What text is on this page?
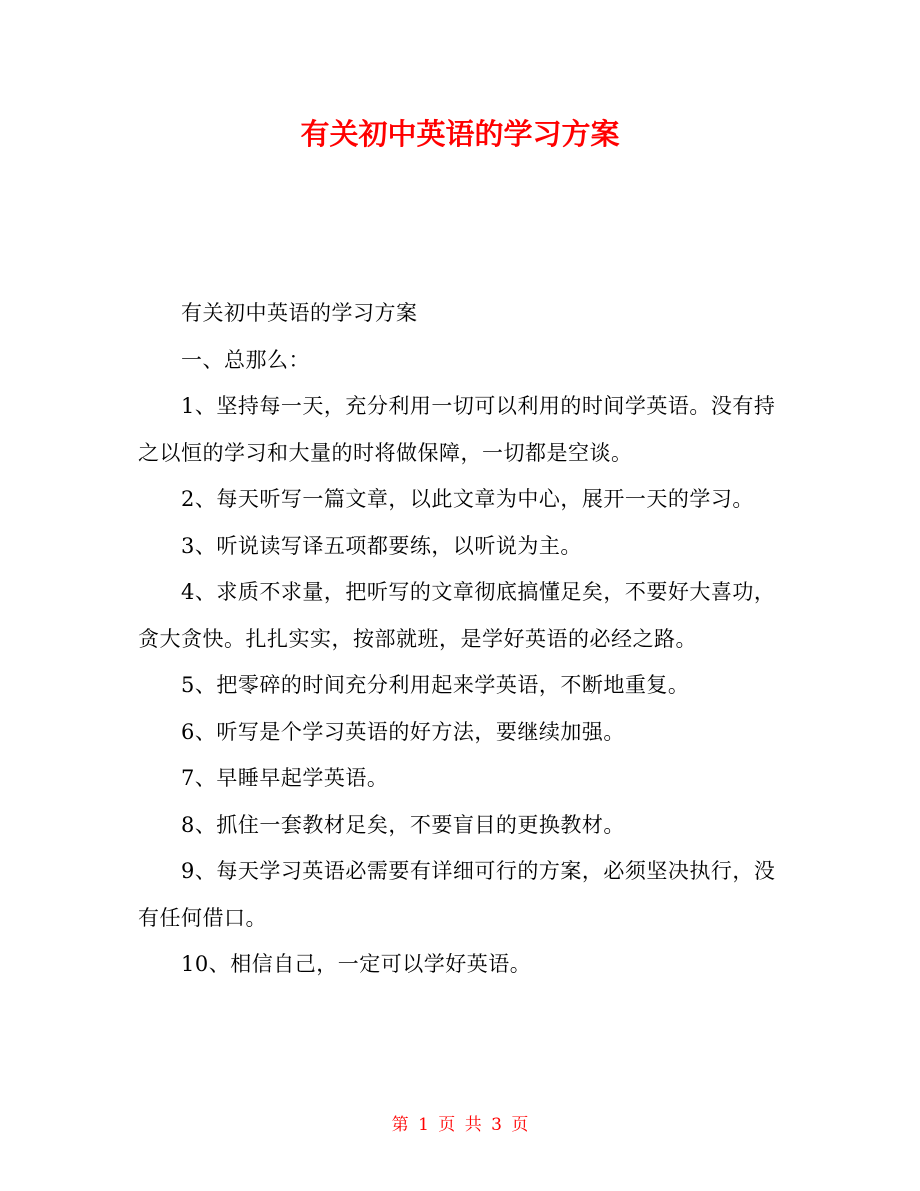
有关初中英语的学习方案

有关初中英语的学习方案

一、总那么：

1、坚持每一天，充分利用一切可以利用的时间学英语。没有持之以恒的学习和大量的时将做保障，一切都是空谈。

2、每天听写一篇文章，以此文章为中心，展开一天的学习。

3、听说读写译五项都要练，以听说为主。

4、求质不求量，把听写的文章彻底搞懂足矣，不要好大喜功，贪大贪快。扎扎实实，按部就班，是学好英语的必经之路。

5、把零碎的时间充分利用起来学英语，不断地重复。

6、听写是个学习英语的好方法，要继续加强。

7、早睡早起学英语。

8、抓住一套教材足矣，不要盲目的更换教材。

9、每天学习英语必需要有详细可行的方案，必须坚决执行，没有任何借口。

10、相信自己，一定可以学好英语。

第 1 页 共 3 页
